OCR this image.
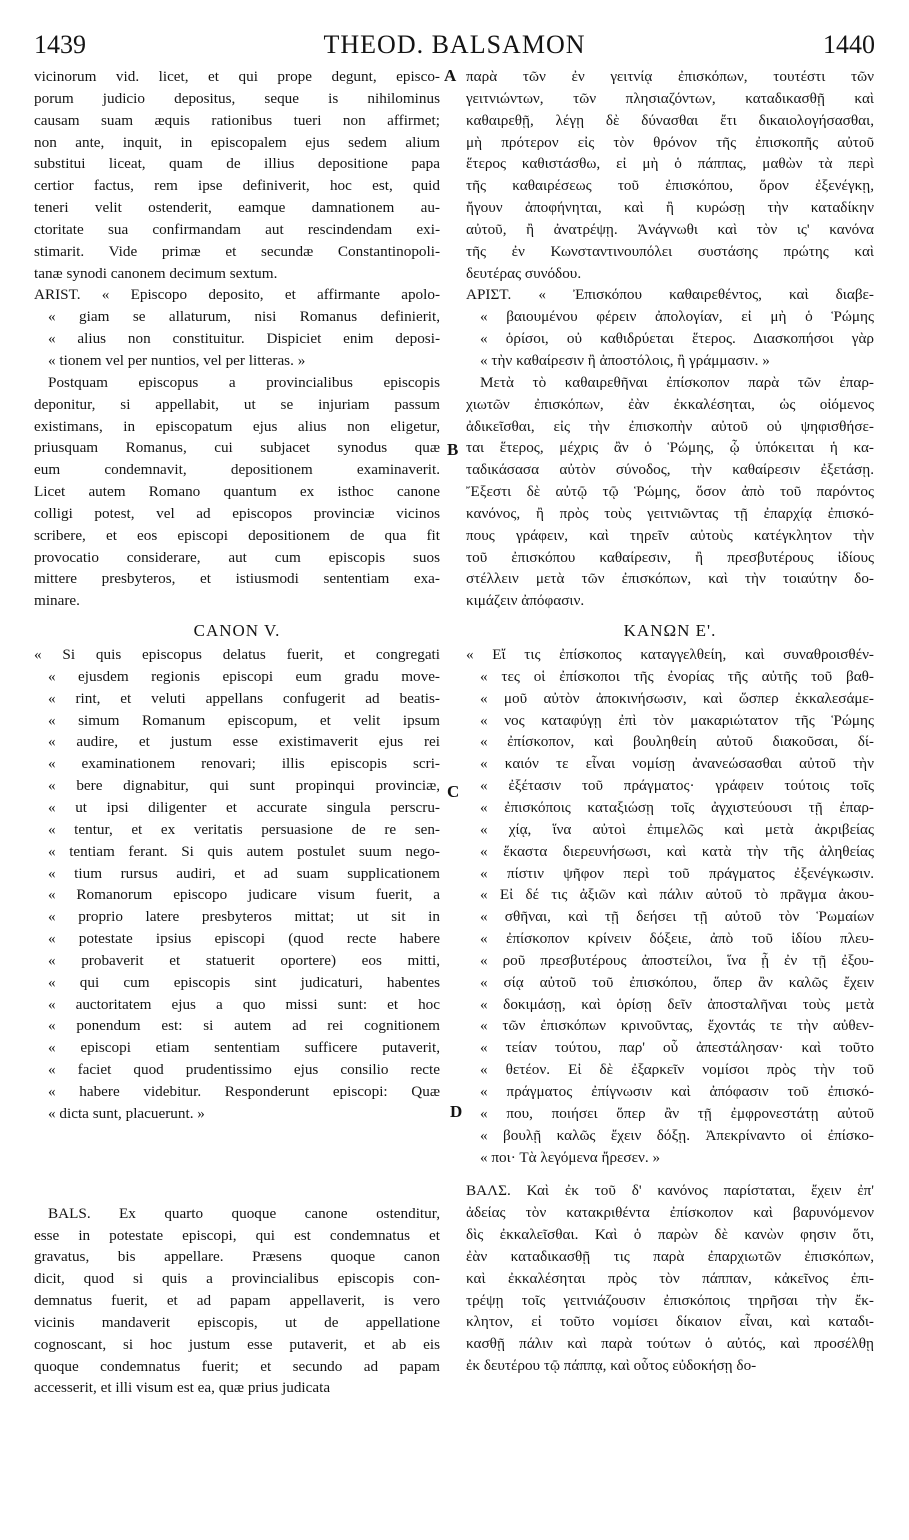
1439	THEOD. BALSAMON	1440
A
B
C
D
vicinorum vid. licet, et qui prope degunt, episco-
porum judicio depositus, seque is nihilominus
causam suam æquis rationibus tueri non affirmet;
non ante, inquit, in episcopalem ejus sedem alium
substitui liceat, quam de illius depositione papa
certior factus, rem ipse definiverit, hoc est, quid
teneri velit ostenderit, eamque damnationem au-
ctoritate sua confirmandam aut rescindendam exi-
stimarit. Vide primæ et secundæ Constantinopoli-
tanæ synodi canonem decimum sextum.
ARIST. « Episcopo deposito, et affirmante apolo-
« giam se allaturum, nisi Romanus definierit,
« alius non constituitur. Dispiciet enim deposi-
« tionem vel per nuntios, vel per litteras. »
Postquam episcopus a provincialibus episcopis
deponitur, si appellabit, ut se injuriam passum
existimans, in episcopatum ejus alius non eligetur,
priusquam Romanus, cui subjacet synodus quæ
eum condemnavit, depositionem examinaverit.
Licet autem Romano quantum ex isthoc canone
colligi potest, vel ad episcopos provinciæ vicinos
scribere, et eos episcopi depositionem de qua fit
provocatio considerare, aut cum episcopis suos
mittere presbyteros, et istiusmodi sententiam exa-
minare.
CANON V.
« Si quis episcopus delatus fuerit, et congregati
« ejusdem regionis episcopi eum gradu move-
« rint, et veluti appellans confugerit ad beatis-
« simum Romanum episcopum, et velit ipsum
« audire, et justum esse existimaverit ejus rei
« examinationem renovari; illis episcopis scri-
« bere dignabitur, qui sunt propinqui provinciæ,
« ut ipsi diligenter et accurate singula perscru-
« tentur, et ex veritatis persuasione de re sen-
« tentiam ferant. Si quis autem postulet suum nego-
« tium rursus audiri, et ad suam supplicationem
« Romanorum episcopo judicare visum fuerit, a
« proprio latere presbyteros mittat; ut sit in
« potestate ipsius episcopi (quod recte habere
« probaverit et statuerit oportere) eos mitti,
« qui cum episcopis sint judicaturi, habentes
« auctoritatem ejus a quo missi sunt: et hoc
« ponendum est: si autem ad rei cognitionem
« episcopi etiam sententiam sufficere putaverit,
« faciet quod prudentissimo ejus consilio recte
« habere videbitur. Responderunt episcopi: Quæ
« dicta sunt, placuerunt. »
BALS. Ex quarto quoque canone ostenditur,
esse in potestate episcopi, qui est condemnatus et
gravatus, bis appellare. Præsens quoque canon
dicit, quod si quis a provincialibus episcopis con-
demnatus fuerit, et ad papam appellaverit, is vero
vicinis mandaverit episcopis, ut de appellatione
cognoscant, si hoc justum esse putaverit, et ab eis
quoque condemnatus fuerit; et secundo ad papam
accesserit, et illi visum est ea, quæ prius judicata
παρὰ τῶν ἐν γειτνίᾳ ἐπισκόπων, τουτέστι τῶν
γειτνιώντων, τῶν πλησιαζόντων, καταδικασθῇ καὶ
καθαιρεθῇ, λέγῃ δὲ δύνασθαι ἔτι δικαιολογήσασθαι,
μὴ πρότερον εἰς τὸν θρόνον τῆς ἐπισκοπῆς αὐτοῦ
ἕτερος καθιστάσθω, εἰ μὴ ὁ πάππας, μαθὼν τὰ περὶ
τῆς καθαιρέσεως τοῦ ἐπισκόπου, ὅρον ἐξενέγκῃ,
ἤγουν ἀποφήνηται, καὶ ἢ κυρώσῃ τὴν καταδίκην
αὐτοῦ, ἢ ἀνατρέψῃ. Ἀνάγνωθι καὶ τὸν ις' κανόνα
τῆς ἐν Κωνσταντινουπόλει συστάσης πρώτης καὶ
δευτέρας συνόδου.
ΑΡΙΣΤ. « Ἐπισκόπου καθαιρεθέντος, καὶ διαβε-
« βαιουμένου φέρειν ἀπολογίαν, εἰ μὴ ὁ Ῥώμης
« ὁρίσοι, οὐ καθιδρύεται ἕτερος. Διασκοπήσοι γὰρ
« τὴν καθαίρεσιν ἢ ἀποστόλοις, ἢ γράμμασιν. »
Μετὰ τὸ καθαιρεθῆναι ἐπίσκοπον παρὰ τῶν ἐπαρ-
χιωτῶν ἐπισκόπων, ἐὰν ἐκκαλέσηται, ὡς οἰόμενος
ἀδικεῖσθαι, εἰς τὴν ἐπισκοπὴν αὐτοῦ οὐ ψηφισθήσε-
ται ἕτερος, μέχρις ἂν ὁ Ῥώμης, ᾧ ὑπόκειται ἡ κα-
ταδικάσασα αὐτὸν σύνοδος, τὴν καθαίρεσιν ἐξετάσῃ.
Ἔξεστι δὲ αὐτῷ τῷ Ῥώμης, ὅσον ἀπὸ τοῦ παρόντος
κανόνος, ἢ πρὸς τοὺς γειτνιῶντας τῇ ἐπαρχίᾳ ἐπισκό-
πους γράφειν, καὶ τηρεῖν αὐτοὺς κατέγκλητον τὴν
τοῦ ἐπισκόπου καθαίρεσιν, ἢ πρεσβυτέρους ἰδίους
στέλλειν μετὰ τῶν ἐπισκόπων, καὶ τὴν τοιαύτην δο-
κιμάζειν ἀπόφασιν.
ΚΑΝΩΝ Ε'.
« Εἴ τις ἐπίσκοπος καταγγελθείη, καὶ συναθροισθέν-
« τες οἱ ἐπίσκοποι τῆς ἐνορίας τῆς αὐτῆς τοῦ βαθ-
« μοῦ αὐτὸν ἀποκινήσωσιν, καὶ ὥσπερ ἐκκαλεσάμε-
« νος καταφύγῃ ἐπὶ τὸν μακαριώτατον τῆς Ῥώμης
« ἐπίσκοπον, καὶ βουληθείη αὐτοῦ διακοῦσαι, δί-
« καιόν τε εἶναι νομίσῃ ἀνανεώσασθαι αὐτοῦ τὴν
« ἐξέτασιν τοῦ πράγματος· γράφειν τούτοις τοῖς
« ἐπισκόποις καταξιώσῃ τοῖς ἀγχιστεύουσι τῇ ἐπαρ-
« χίᾳ, ἵνα αὐτοὶ ἐπιμελῶς καὶ μετὰ ἀκριβείας
« ἕκαστα διερευνήσωσι, καὶ κατὰ τὴν τῆς ἀληθείας
« πίστιν ψῆφον περὶ τοῦ πράγματος ἐξενέγκωσιν.
« Εἰ δέ τις ἀξιῶν καὶ πάλιν αὐτοῦ τὸ πρᾶγμα ἀκου-
« σθῆναι, καὶ τῇ δεήσει τῇ αὐτοῦ τὸν Ῥωμαίων
« ἐπίσκοπον κρίνειν δόξειε, ἀπὸ τοῦ ἰδίου πλευ-
« ροῦ πρεσβυτέρους ἀποστείλοι, ἵνα ᾖ ἐν τῇ ἐξου-
« σίᾳ αὐτοῦ τοῦ ἐπισκόπου, ὅπερ ἂν καλῶς ἔχειν
« δοκιμάσῃ, καὶ ὁρίσῃ δεῖν ἀποσταλῆναι τοὺς μετὰ
« τῶν ἐπισκόπων κρινοῦντας, ἔχοντάς τε τὴν αὐθεν-
« τείαν τούτου, παρ' οὗ ἀπεστάλησαν· καὶ τοῦτο
« θετέον. Εἰ δὲ ἐξαρκεῖν νομίσοι πρὸς τὴν τοῦ
« πράγματος ἐπίγνωσιν καὶ ἀπόφασιν τοῦ ἐπισκό-
« που, ποιήσει ὅπερ ἂν τῇ ἐμφρονεστάτῃ αὐτοῦ
« βουλῇ καλῶς ἔχειν δόξῃ. Ἀπεκρίναντο οἱ ἐπίσκο-
« ποι· Τὰ λεγόμενα ἤρεσεν. »
ΒΑΛΣ. Καὶ ἐκ τοῦ δ' κανόνος παρίσταται, ἔχειν ἐπ'
ἀδείας τὸν κατακριθέντα ἐπίσκοπον καὶ βαρυνόμενον
δὶς ἐκκαλεῖσθαι. Καὶ ὁ παρὼν δὲ κανὼν φησιν ὅτι,
ἐὰν καταδικασθῇ τις παρὰ ἐπαρχιωτῶν ἐπισκόπων,
καὶ ἐκκαλέσηται πρὸς τὸν πάππαν, κἀκεῖνος ἐπι-
τρέψῃ τοῖς γειτνιάζουσιν ἐπισκόποις τηρῆσαι τὴν ἔκ-
κλητον, εἰ τοῦτο νομίσει δίκαιον εἶναι, καὶ καταδι-
κασθῇ πάλιν καὶ παρὰ τούτων ὁ αὐτός, καὶ προσέλθῃ
ἐκ δευτέρου τῷ πάππᾳ, καὶ οὗτος εὐδοκήσῃ δο-
